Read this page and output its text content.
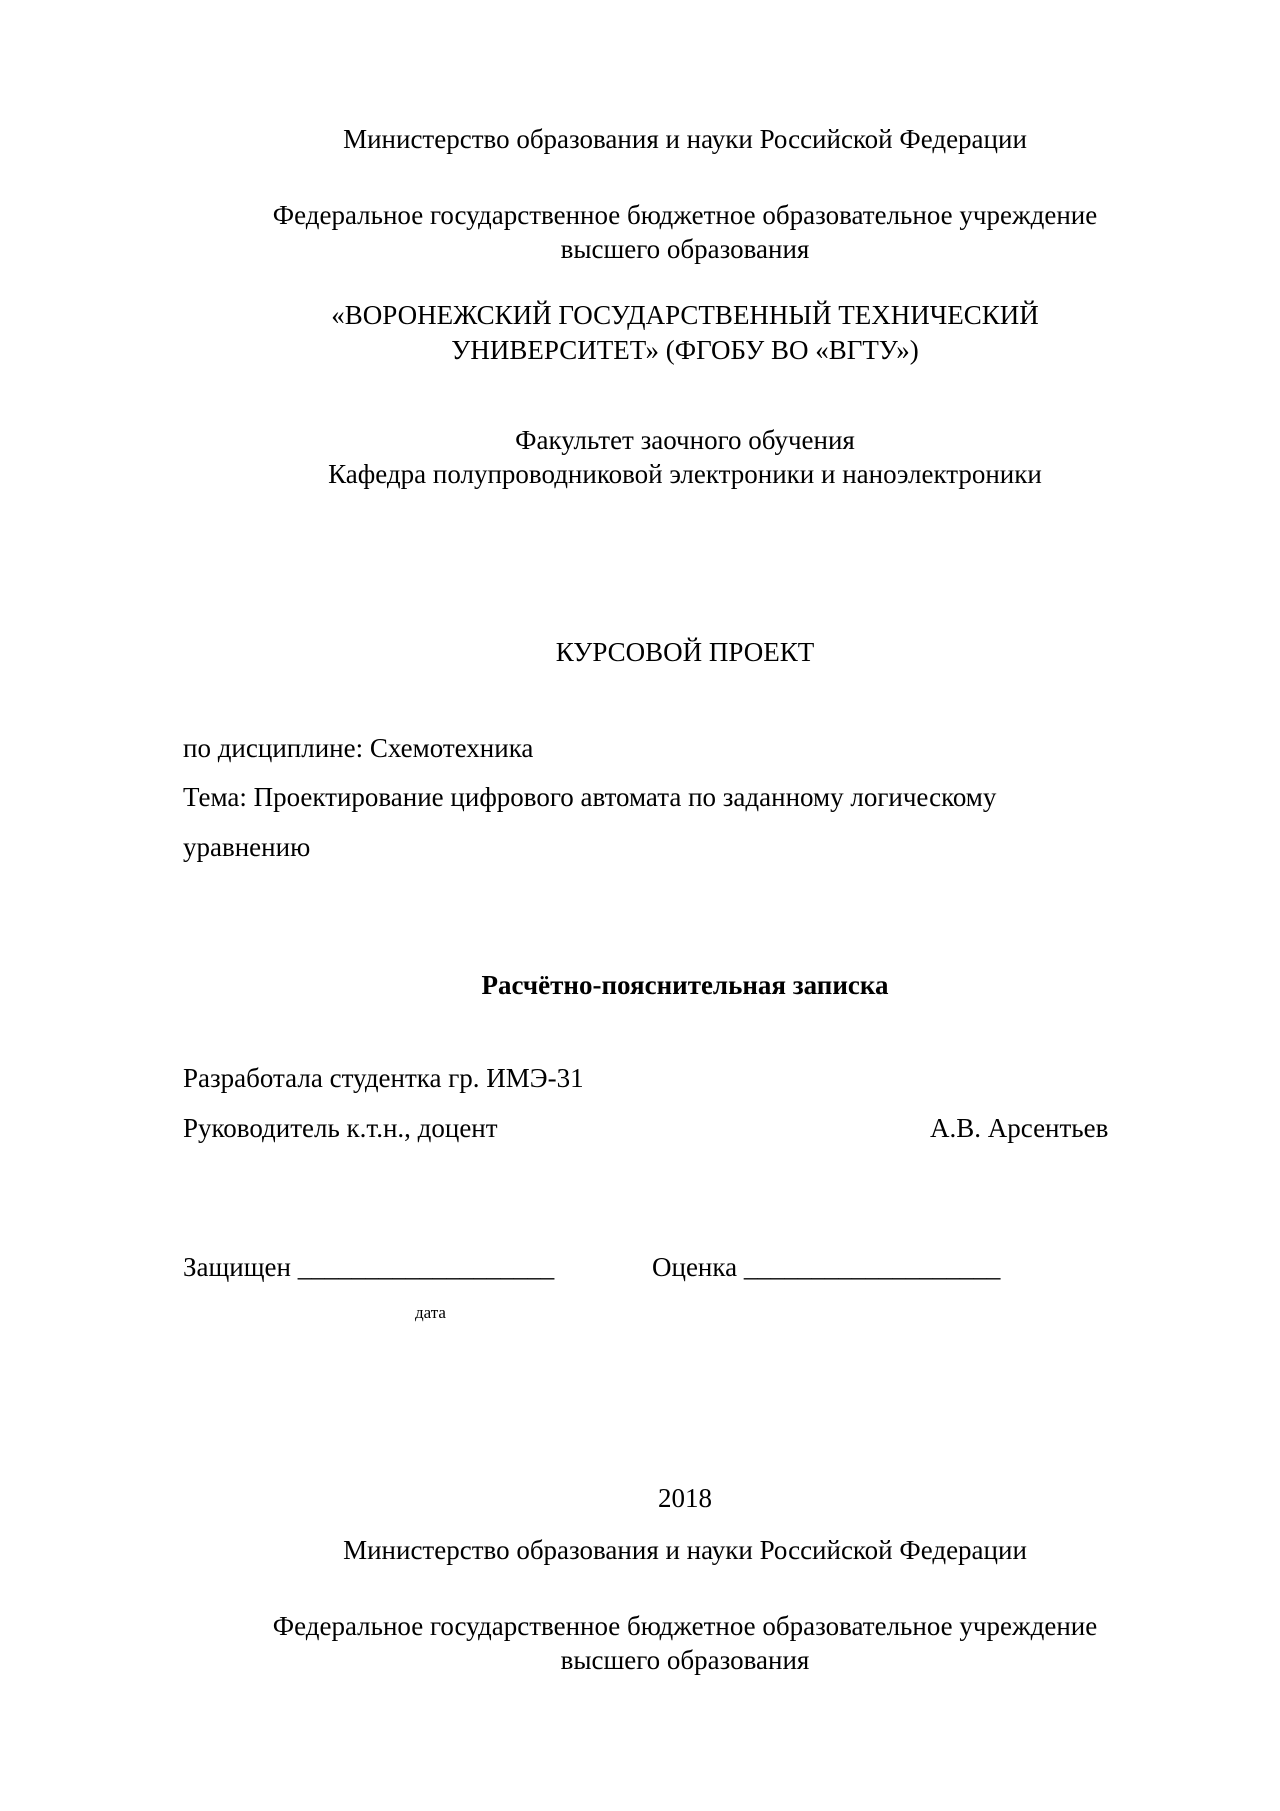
Министерство образования и науки Российской Федерации
Федеральное государственное бюджетное образовательное учреждение
высшего образования
«ВОРОНЕЖСКИЙ ГОСУДАРСТВЕННЫЙ ТЕХНИЧЕСКИЙ
УНИВЕРСИТЕТ» (ФГОБУ ВО «ВГТУ»)
Факультет заочного обучения
Кафедра полупроводниковой электроники и наноэлектроники
КУРСОВОЙ ПРОЕКТ
по дисциплине: Схемотехника
Тема: Проектирование цифрового автомата по заданному логическому
уравнению
Расчётно-пояснительная записка
Разработала студентка гр. ИМЭ-31
Руководитель к.т.н., доцент	А.В. Арсентьев
Защищен ___________________	Оценка ___________________
дата
2018
Министерство образования и науки Российской Федерации
Федеральное государственное бюджетное образовательное учреждение
высшего образования
